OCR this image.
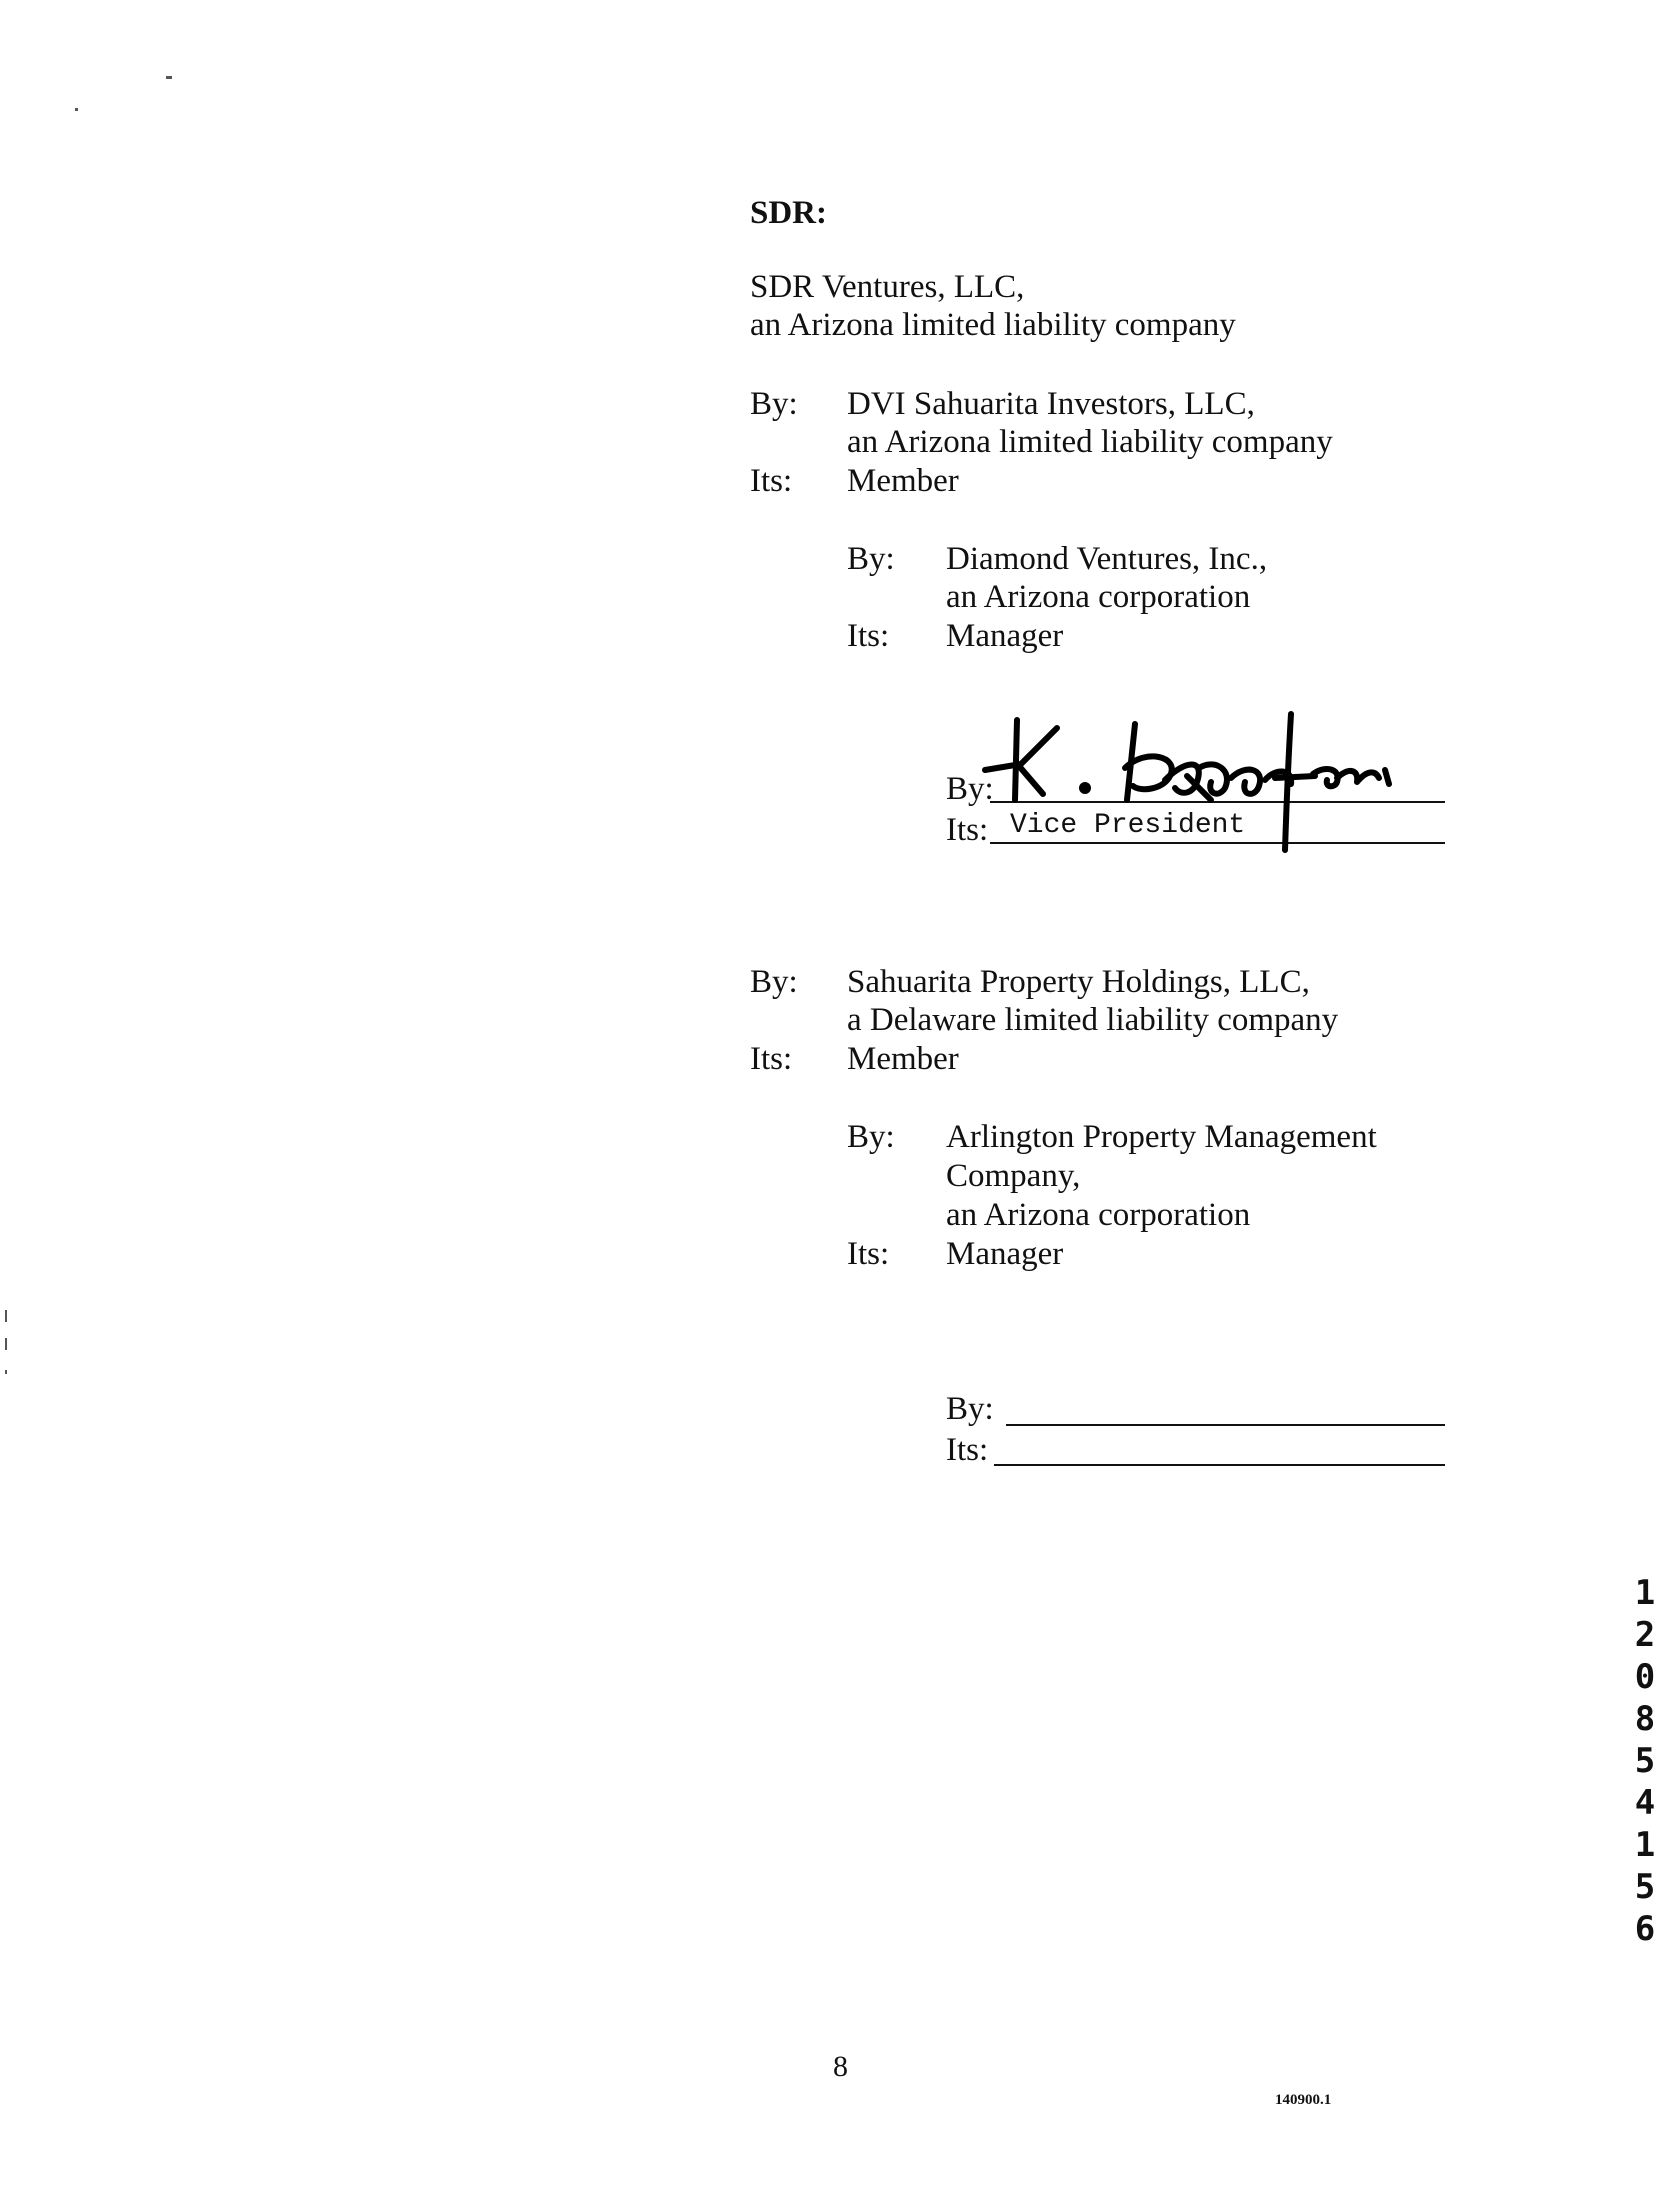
SDR:
SDR Ventures, LLC,
an Arizona limited liability company
By: DVI Sahuarita Investors, LLC,
an Arizona limited liability company
Its: Member
By: Diamond Ventures, Inc.,
an Arizona corporation
Its: Manager
By:
Its: Vice President
By: Sahuarita Property Holdings, LLC,
a Delaware limited liability company
Its: Member
By: Arlington Property Management
Company,
an Arizona corporation
Its: Manager
By:
Its:
12085 4156
8
140900.1
